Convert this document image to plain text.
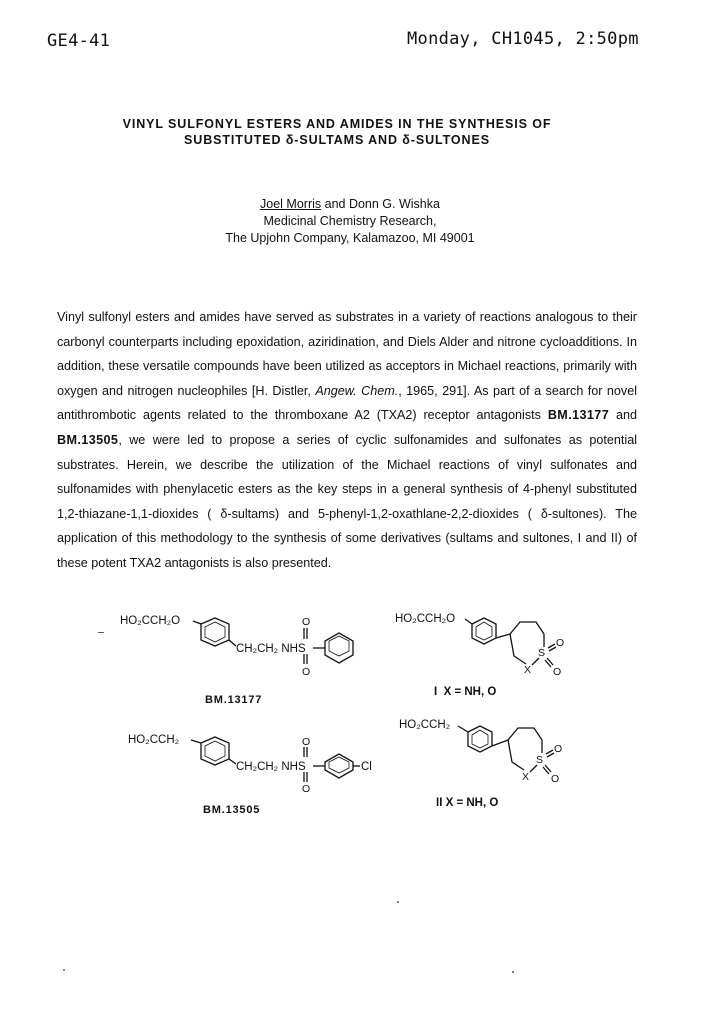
GE4-41	Monday, CH1045, 2:50pm
VINYL SULFONYL ESTERS AND AMIDES IN THE SYNTHESIS OF
SUBSTITUTED δ-SULTAMS AND δ-SULTONES
Joel Morris and Donn G. Wishka
Medicinal Chemistry Research,
The Upjohn Company, Kalamazoo, MI 49001
Vinyl sulfonyl esters and amides have served as substrates in a variety of reactions analogous to their carbonyl counterparts including epoxidation, aziridination, and Diels Alder and nitrone cycloadditions. In addition, these versatile compounds have been utilized as acceptors in Michael reactions, primarily with oxygen and nitrogen nucleophiles [H. Distler, Angew. Chem., 1965, 291]. As part of a search for novel antithrombotic agents related to the thromboxane A2 (TXA2) receptor antagonists BM.13177 and BM.13505, we were led to propose a series of cyclic sulfonamides and sulfonates as potential substrates. Herein, we describe the utilization of the Michael reactions of vinyl sulfonates and sulfonamides with phenylacetic esters as the key steps in a general synthesis of 4-phenyl substituted 1,2-thiazane-1,1-dioxides ( δ-sultams) and 5-phenyl-1,2-oxathlane-2,2-dioxides ( δ-sultones). The application of this methodology to the synthesis of some derivatives (sultams and sultones, I and II) of these potent TXA2 antagonists is also presented.
HO₂CCH₂O
CH₂CH₂ NHS
O
O
BM.13177
HO₂CCH₂
CH₂CH₂ NHS
O
O
Cl
BM.13505
HO₂CCH₂O
X
S
O
O
I  X = NH, O
HO₂CCH₂
X
S
O
O
II X = NH, O
